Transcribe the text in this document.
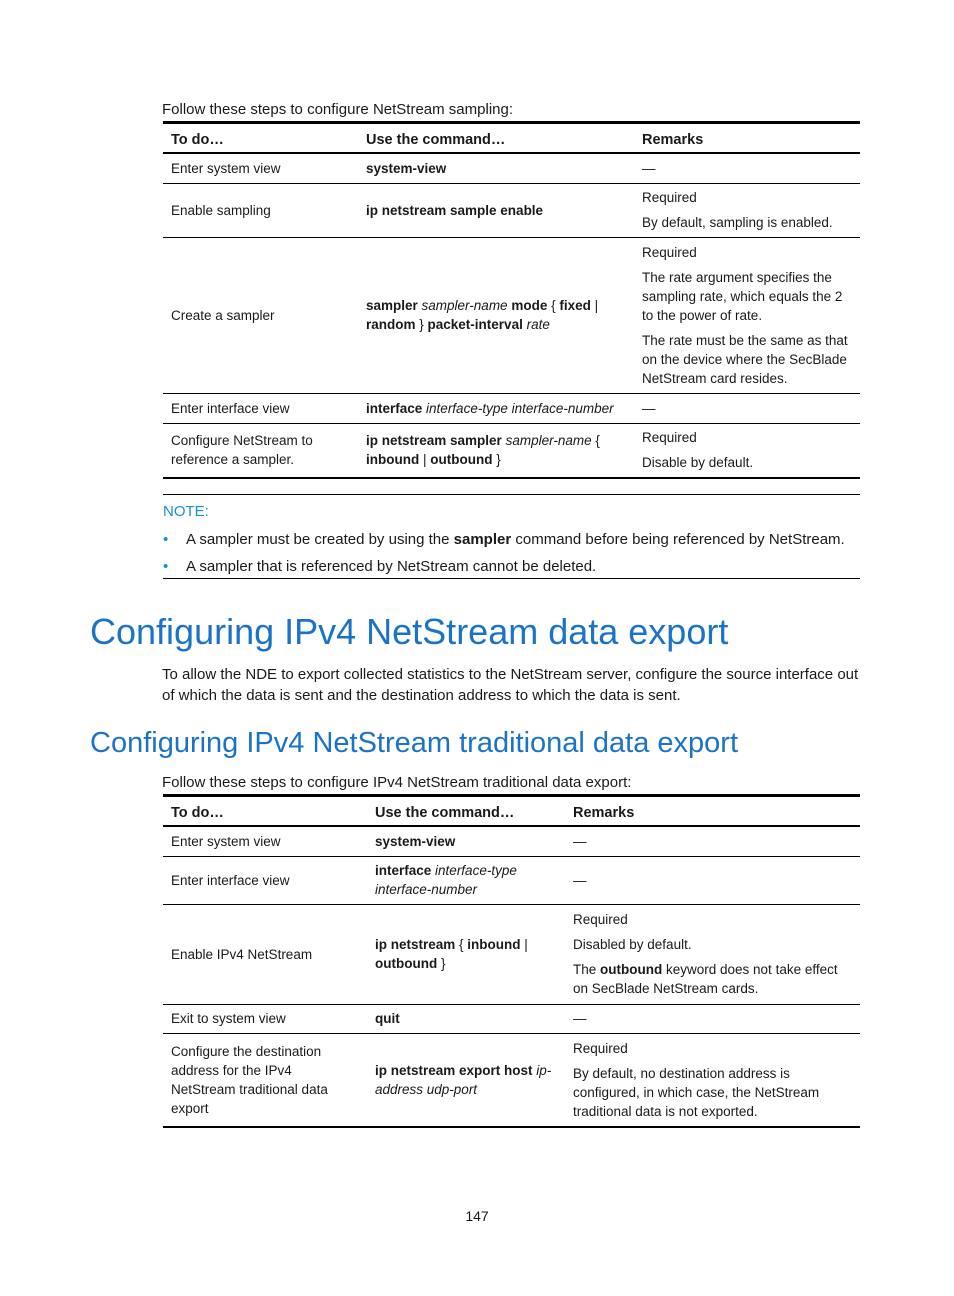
Follow these steps to configure NetStream sampling:
To do…	Use the command…	Remarks
Enter system view	system-view	—

Enable sampling	ip netstream sample enable	Required

By default, sampling is enabled.

Create a sampler	sampler sampler-name mode { fixed | random } packet-interval rate	Required

The rate argument specifies the sampling rate, which equals the 2 to the power of rate.

The rate must be the same as that on the device where the SecBlade NetStream card resides.

Enter interface view	interface interface-type interface-number	—

Configure NetStream to reference a sampler.	ip netstream sampler sampler-name { inbound | outbound }	Required

Disable by default.

NOTE:
• A sampler must be created by using the sampler command before being referenced by NetStream.
• A sampler that is referenced by NetStream cannot be deleted.
Configuring IPv4 NetStream data export
To allow the NDE to export collected statistics to the NetStream server, configure the source interface out of which the data is sent and the destination address to which the data is sent.
Configuring IPv4 NetStream traditional data export
Follow these steps to configure IPv4 NetStream traditional data export:
To do…	Use the command…	Remarks
Enter system view	system-view	—

Enter interface view	interface interface-type interface-number	—

Enable IPv4 NetStream	ip netstream { inbound | outbound }	Required

Disabled by default.

The outbound keyword does not take effect on SecBlade NetStream cards.

Exit to system view	quit	—

Configure the destination address for the IPv4 NetStream traditional data export	ip netstream export host ip-address udp-port	Required

By default, no destination address is configured, in which case, the NetStream traditional data is not exported.

147
